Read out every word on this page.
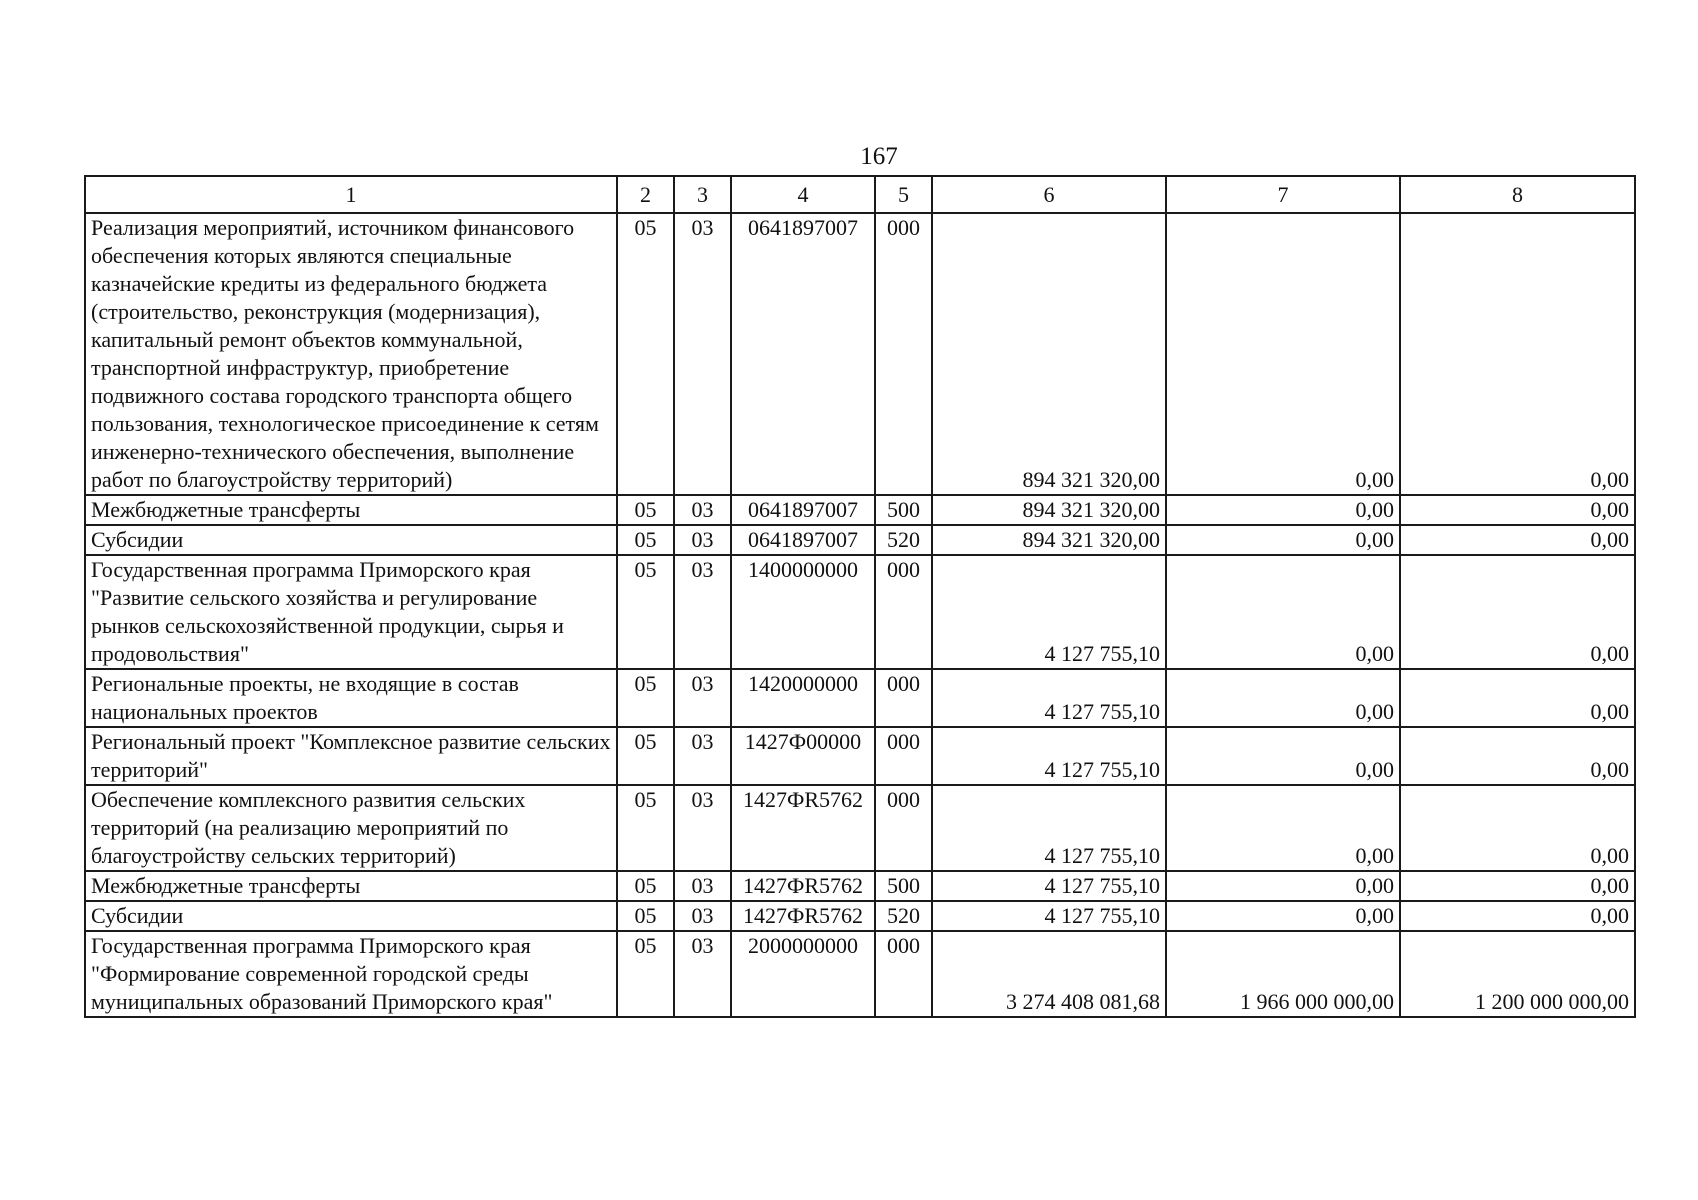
167
1	2	3	4	5	6	7	8
Реализация мероприятий, источником финансового обеспечения которых являются специальные казначейские кредиты из федерального бюджета (строительство, реконструкция (модернизация), капитальный ремонт объектов коммунальной, транспортной инфраструктур, приобретение подвижного состава городского транспорта общего пользования, технологическое присоединение к сетям инженерно-технического обеспечения, выполнение работ по благоустройству территорий)	05	03	0641897007	000	894 321 320,00	0,00	0,00
Межбюджетные трансферты	05	03	0641897007	500	894 321 320,00	0,00	0,00
Субсидии	05	03	0641897007	520	894 321 320,00	0,00	0,00
Государственная программа Приморского края "Развитие сельского хозяйства и регулирование рынков сельскохозяйственной продукции, сырья и продовольствия"	05	03	1400000000	000	4 127 755,10	0,00	0,00
Региональные проекты, не входящие в состав национальных проектов	05	03	1420000000	000	4 127 755,10	0,00	0,00
Региональный проект "Комплексное развитие сельских территорий"	05	03	1427Ф00000	000	4 127 755,10	0,00	0,00
Обеспечение комплексного развития сельских территорий (на реализацию мероприятий по благоустройству сельских территорий)	05	03	1427ФR5762	000	4 127 755,10	0,00	0,00
Межбюджетные трансферты	05	03	1427ФR5762	500	4 127 755,10	0,00	0,00
Субсидии	05	03	1427ФR5762	520	4 127 755,10	0,00	0,00
Государственная программа Приморского края "Формирование современной городской среды муниципальных образований Приморского края"	05	03	2000000000	000	3 274 408 081,68	1 966 000 000,00	1 200 000 000,00
